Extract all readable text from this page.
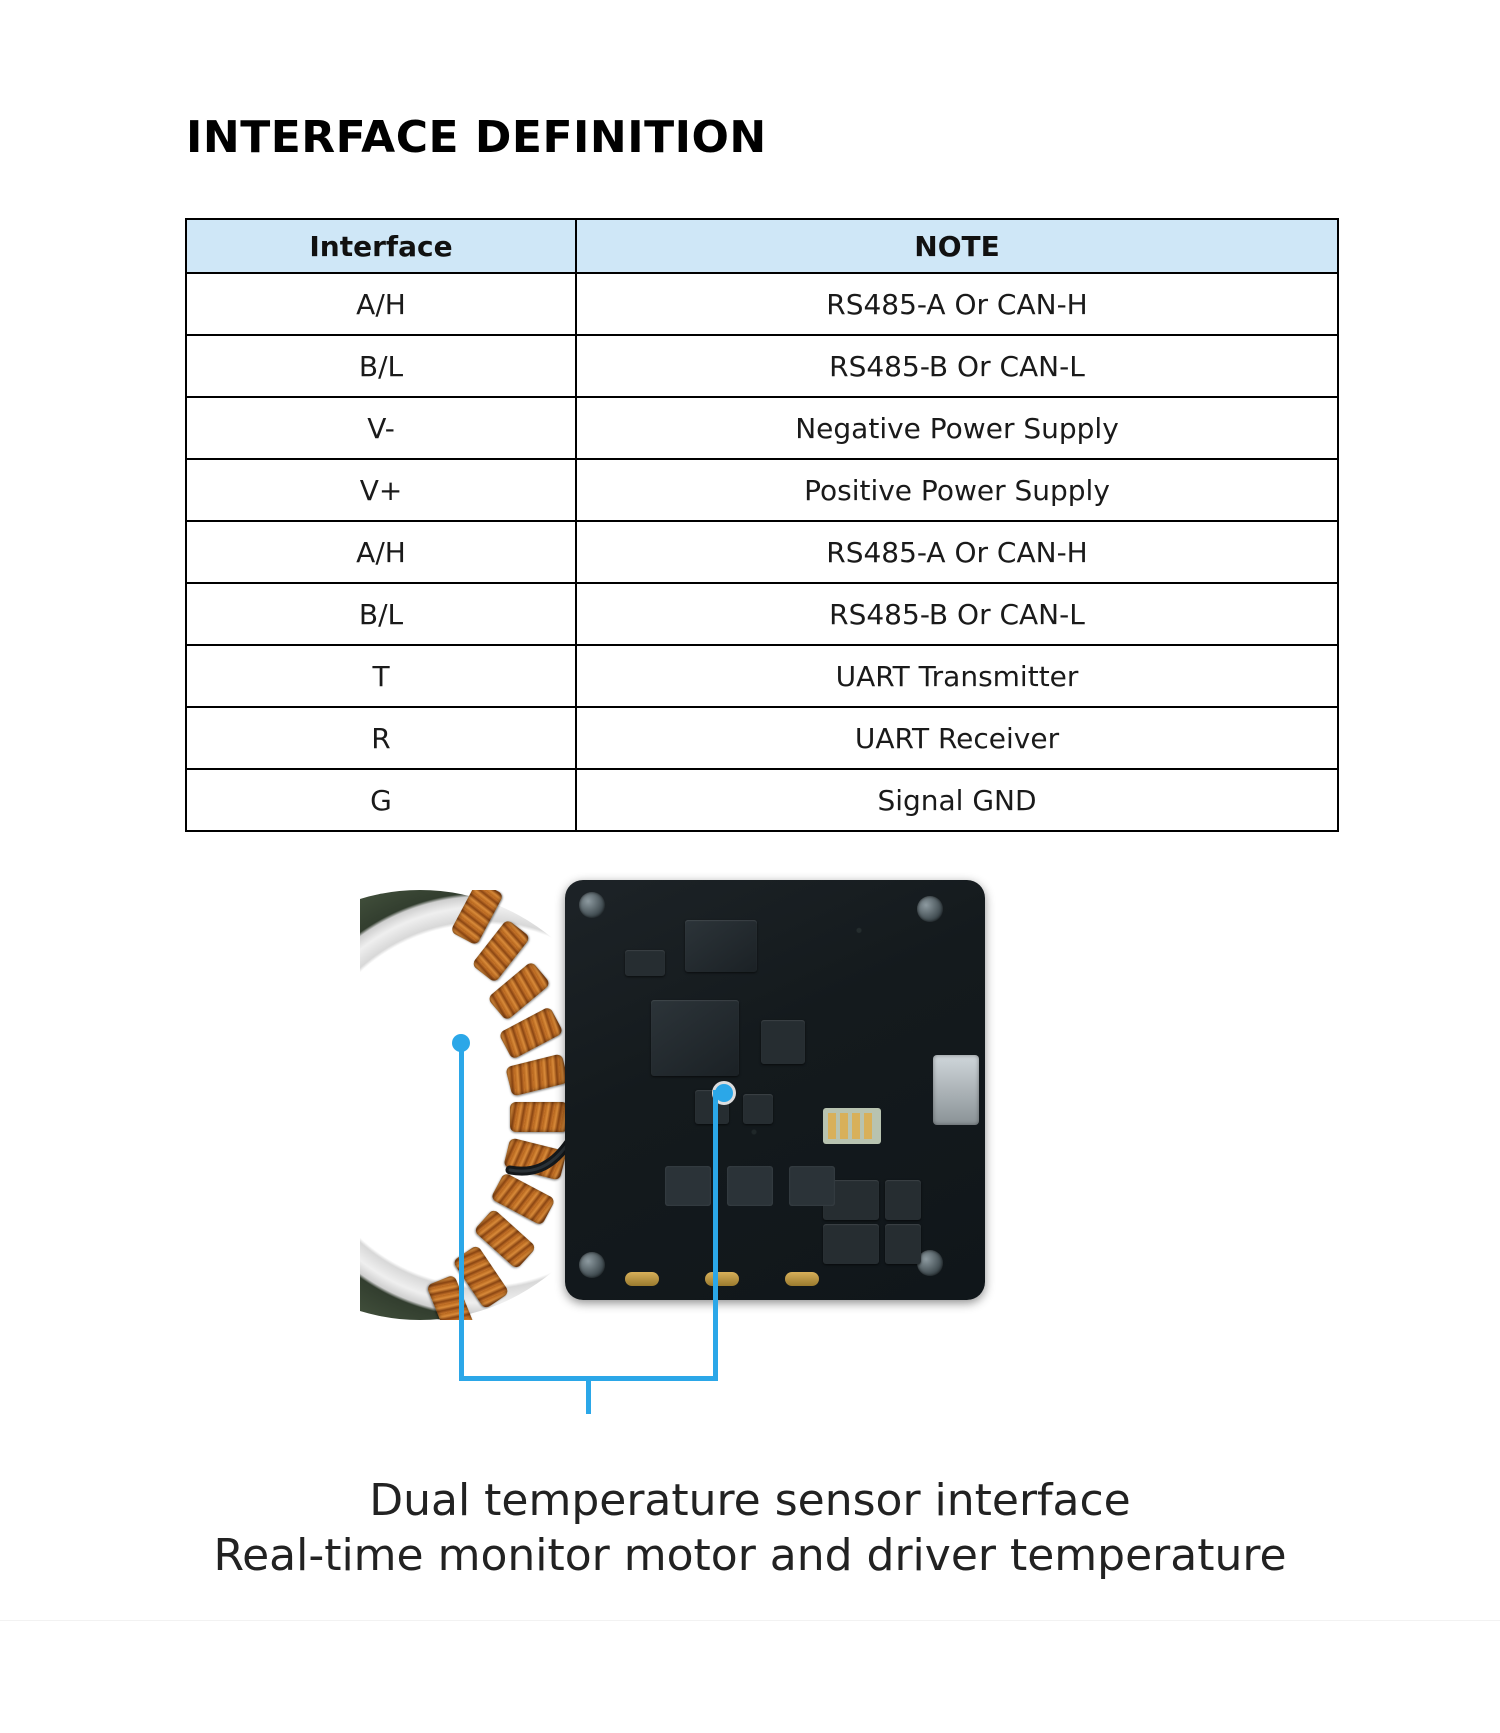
INTERFACE DEFINITION
Interface	NOTE
A/H	RS485-A Or CAN-H
B/L	RS485-B Or CAN-L
V-	Negative Power Supply
V+	Positive Power Supply
A/H	RS485-A Or CAN-H
B/L	RS485-B Or CAN-L
T	UART Transmitter
R	UART Receiver
G	Signal GND
Dual temperature sensor interface
Real-time monitor motor and driver temperature
